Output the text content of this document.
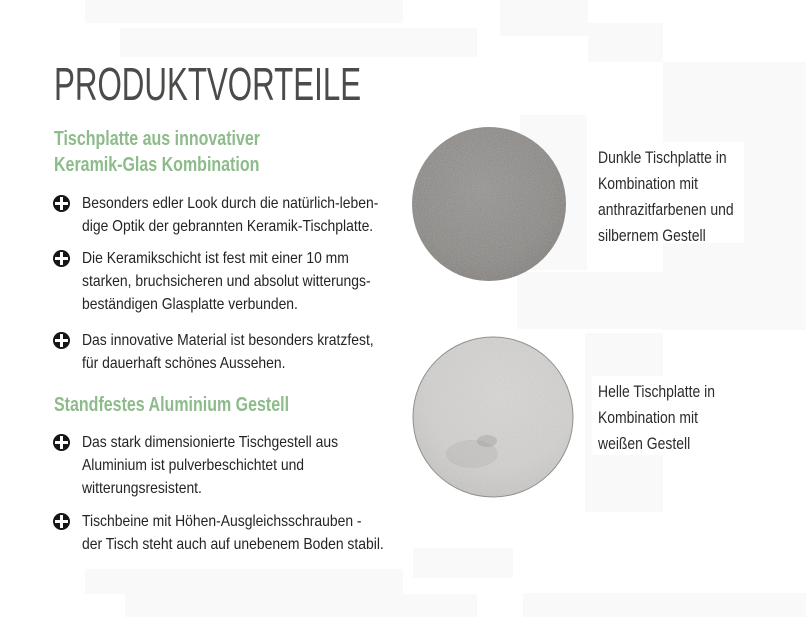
PRODUKTVORTEILE
Tischplatte aus innovativer
Keramik-Glas Kombination
Besonders edler Look durch die natürlich-leben-
dige Optik der gebrannten Keramik-Tischplatte.
Die Keramikschicht ist fest mit einer 10 mm
starken, bruchsicheren und absolut witterungs-
beständigen Glasplatte verbunden.
Das innovative Material ist besonders kratzfest,
für dauerhaft schönes Aussehen.
Standfestes Aluminium Gestell
Das stark dimensionierte Tischgestell aus
Aluminium ist pulverbeschichtet und
witterungsresistent.
Tischbeine mit Höhen-Ausgleichsschrauben -
der Tisch steht auch auf unebenem Boden stabil.
Dunkle Tischplatte in
Kombination mit
anthrazitfarbenen und
silbernem Gestell
Helle Tischplatte in
Kombination mit
weißen Gestell
